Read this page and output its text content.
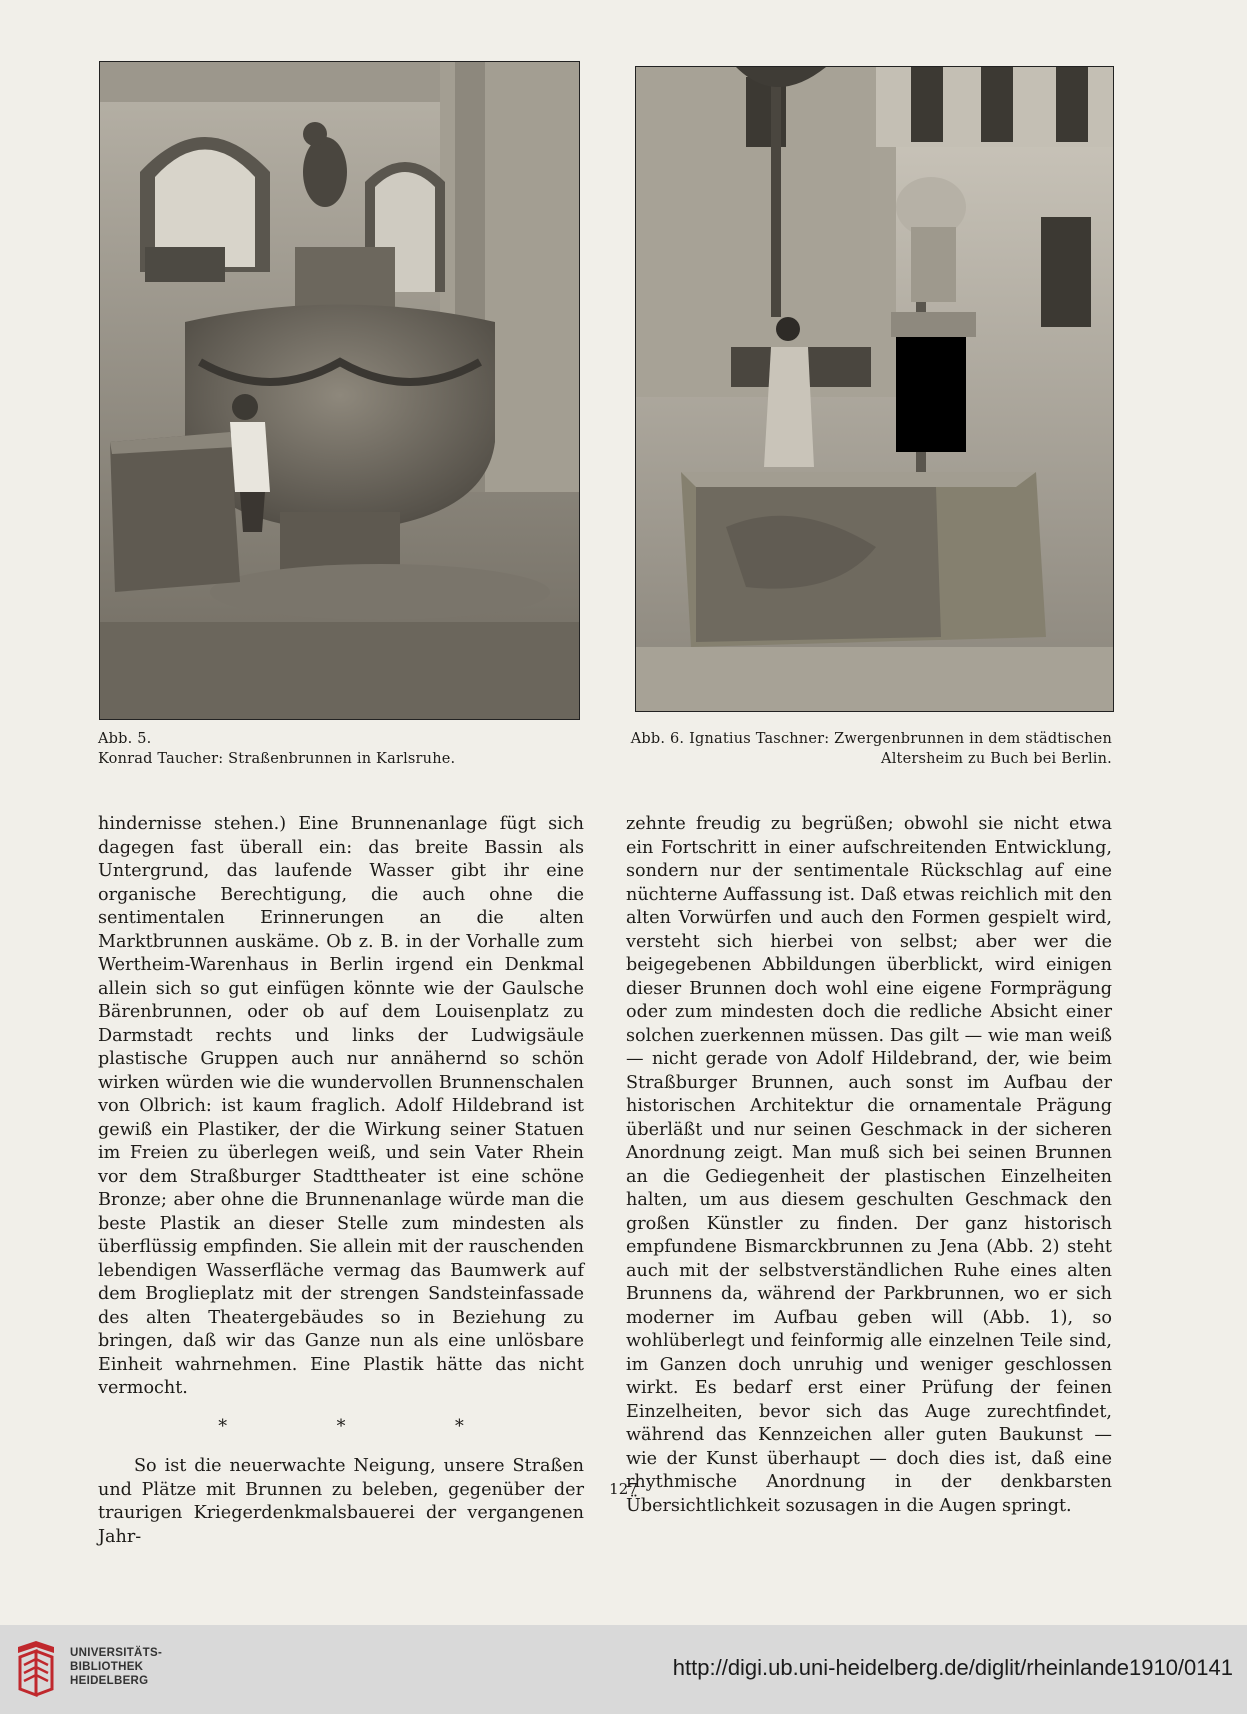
Abb. 5.
Konrad Taucher: Straßenbrunnen in Karlsruhe.
Abb. 6. Ignatius Taschner: Zwergenbrunnen in dem städtischen
Altersheim zu Buch bei Berlin.

hindernisse stehen.) Eine Brunnenanlage fügt sich dagegen fast überall ein: das breite Bassin als Untergrund, das laufende Wasser gibt ihr eine organische Berechtigung, die auch ohne die sentimentalen Erinnerungen an die alten Marktbrunnen auskäme. Ob z. B. in der Vorhalle zum Wertheim-Warenhaus in Berlin irgend ein Denkmal allein sich so gut einfügen könnte wie der Gaulsche Bärenbrunnen, oder ob auf dem Louisenplatz zu Darmstadt rechts und links der Ludwigsäule plastische Gruppen auch nur annähernd so schön wirken würden wie die wundervollen Brunnenschalen von Olbrich: ist kaum fraglich. Adolf Hildebrand ist gewiß ein Plastiker, der die Wirkung seiner Statuen im Freien zu überlegen weiß, und sein Vater Rhein vor dem Straßburger Stadttheater ist eine schöne Bronze; aber ohne die Brunnenanlage würde man die beste Plastik an dieser Stelle zum mindesten als überflüssig empfinden. Sie allein mit der rauschenden lebendigen Wasserfläche vermag das Baumwerk auf dem Broglieplatz mit der strengen Sandsteinfassade des alten Theatergebäudes so in Beziehung zu bringen, daß wir das Ganze nun als eine unlösbare Einheit wahrnehmen. Eine Plastik hätte das nicht vermocht.

* * *

So ist die neuerwachte Neigung, unsere Straßen und Plätze mit Brunnen zu beleben, gegenüber der traurigen Kriegerdenkmalsbauerei der vergangenen Jahr-

zehnte freudig zu begrüßen; obwohl sie nicht etwa ein Fortschritt in einer aufschreitenden Entwicklung, sondern nur der sentimentale Rückschlag auf eine nüchterne Auffassung ist. Daß etwas reichlich mit den alten Vorwürfen und auch den Formen gespielt wird, versteht sich hierbei von selbst; aber wer die beigegebenen Abbildungen überblickt, wird einigen dieser Brunnen doch wohl eine eigene Formprägung oder zum mindesten doch die redliche Absicht einer solchen zuerkennen müssen. Das gilt — wie man weiß — nicht gerade von Adolf Hildebrand, der, wie beim Straßburger Brunnen, auch sonst im Aufbau der historischen Architektur die ornamentale Prägung überläßt und nur seinen Geschmack in der sicheren Anordnung zeigt. Man muß sich bei seinen Brunnen an die Gediegenheit der plastischen Einzelheiten halten, um aus diesem geschulten Geschmack den großen Künstler zu finden. Der ganz historisch empfundene Bismarckbrunnen zu Jena (Abb. 2) steht auch mit der selbstverständlichen Ruhe eines alten Brunnens da, während der Parkbrunnen, wo er sich moderner im Aufbau geben will (Abb. 1), so wohlüberlegt und feinformig alle einzelnen Teile sind, im Ganzen doch unruhig und weniger geschlossen wirkt. Es bedarf erst einer Prüfung der feinen Einzelheiten, bevor sich das Auge zurechtfindet, während das Kennzeichen aller guten Baukunst — wie der Kunst überhaupt — doch dies ist, daß eine rhythmische Anordnung in der denkbarsten Übersichtlichkeit sozusagen in die Augen springt.

127
UNIVERSITÄTS-
BIBLIOTHEK
HEIDELBERG
http://digi.ub.uni-heidelberg.de/diglit/rheinlande1910/0141
